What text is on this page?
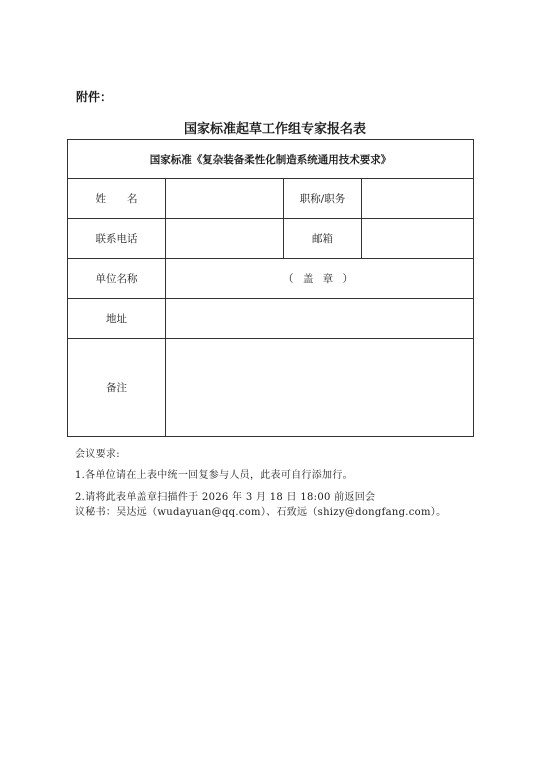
附件：
国家标准起草工作组专家报名表
国家标准《复杂装备柔性化制造系统通用技术要求》			
姓　　名		职称/职务	
联系电话		邮箱	
单位名称	（ 盖 章 ）		
地址			
备注			
会议要求:
1.各单位请在上表中统一回复参与人员，此表可自行添加行。
2.请将此表单盖章扫描件于 2026 年 3 月 18 日 18:00 前返回会
议秘书：吴达远（wudayuan@qq.com）、石致远（shizy@dongfang.com）。
